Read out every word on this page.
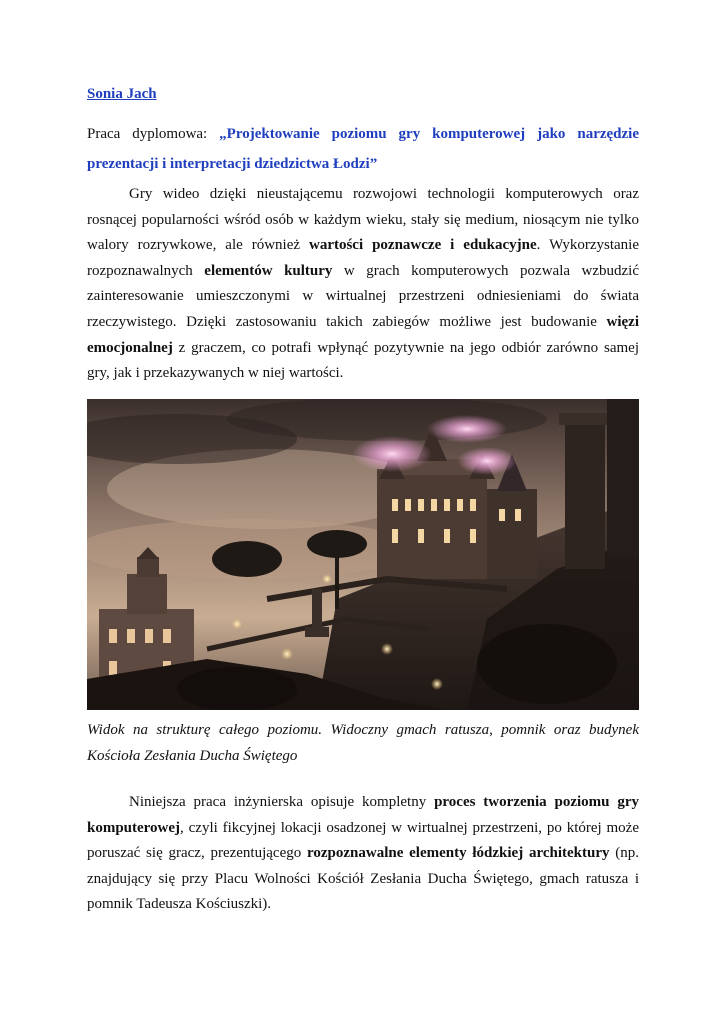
Sonia Jach
Praca dyplomowa: „Projektowanie poziomu gry komputerowej jako narzędzie prezentacji i interpretacji dziedzictwa Łodzi”

Gry wideo dzięki nieustającemu rozwojowi technologii komputerowych oraz rosnącej popularności wśród osób w każdym wieku, stały się medium, niosącym nie tylko walory rozrywkowe, ale również wartości poznawcze i edukacyjne. Wykorzystanie rozpoznawalnych elementów kultury w grach komputerowych pozwala wzbudzić zainteresowanie umieszczonymi w wirtualnej przestrzeni odniesieniami do świata rzeczywistego. Dzięki zastosowaniu takich zabiegów możliwe jest budowanie więzi emocjonalnej z graczem, co potrafi wpłynąć pozytywnie na jego odbiór zarówno samej gry, jak i przekazywanych w niej wartości.

Widok na strukturę całego poziomu. Widoczny gmach ratusza, pomnik oraz budynek Kościoła Zesłania Ducha Świętego

Niniejsza praca inżynierska opisuje kompletny proces tworzenia poziomu gry komputerowej, czyli fikcyjnej lokacji osadzonej w wirtualnej przestrzeni, po której może poruszać się gracz, prezentującego rozpoznawalne elementy łódzkiej architektury (np. znajdujący się przy Placu Wolności Kościół Zesłania Ducha Świętego, gmach ratusza i pomnik Tadeusza Kościuszki).
